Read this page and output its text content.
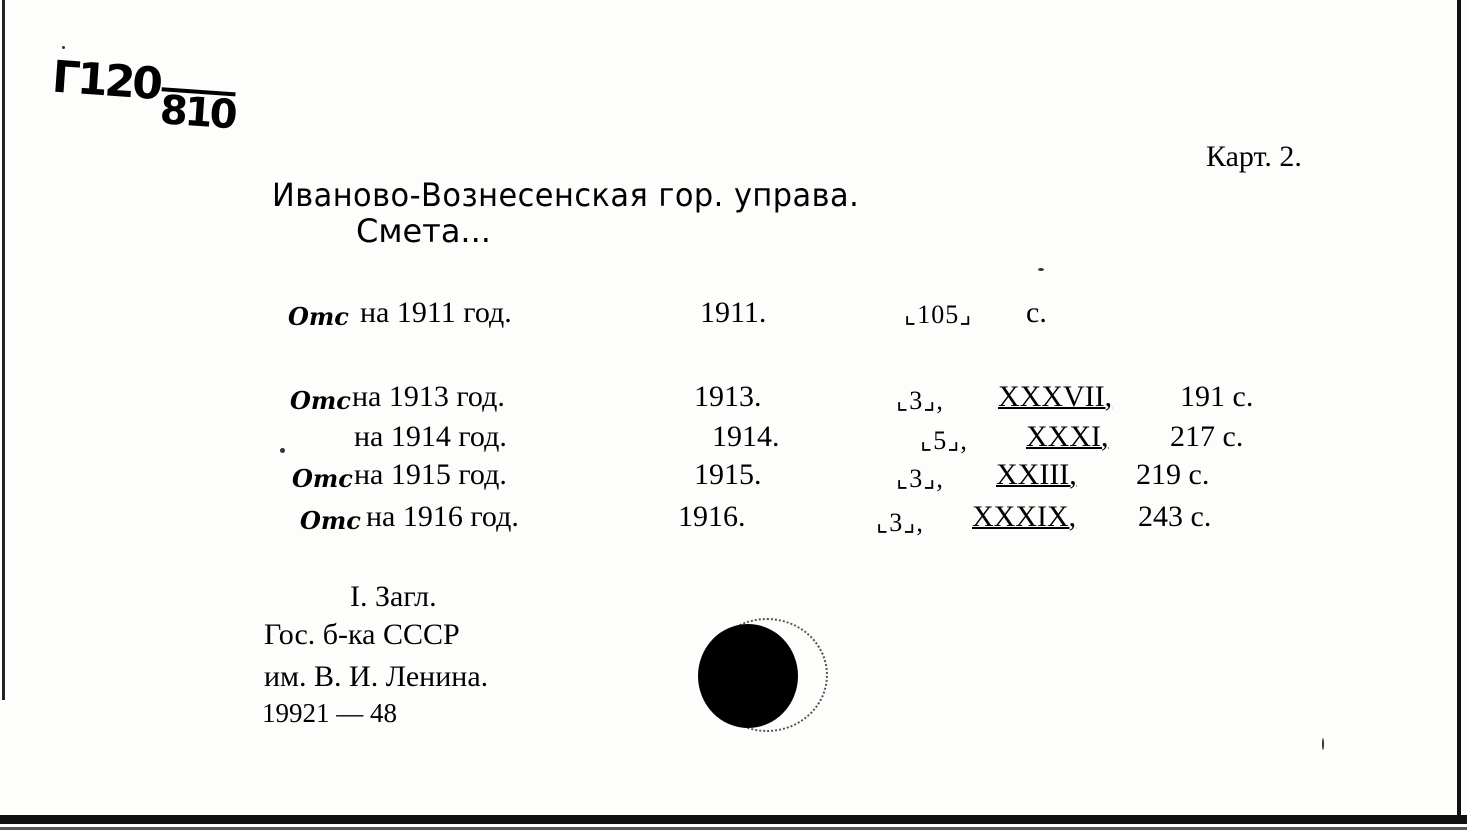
Г120810
Карт. 2.
Иваново-Вознесенская гор. управа.
Смета...
Отс на 1911 год.	1911.	⌞105⌟ с.
Отс на 1913 год.	1913.	⌞3⌟, XXXVII, 191 с.
на 1914 год.	1914.	⌞5⌟, XXXI, 217 с.
Отс на 1915 год.	1915.	⌞3⌟, XXIII, 219 с.
Отс на 1916 год.	1916.	⌞3⌟, XXXIX, 243 с.
I. Загл.
Гос. б-ка СССР
им. В. И. Ленина.
19921 — 48
